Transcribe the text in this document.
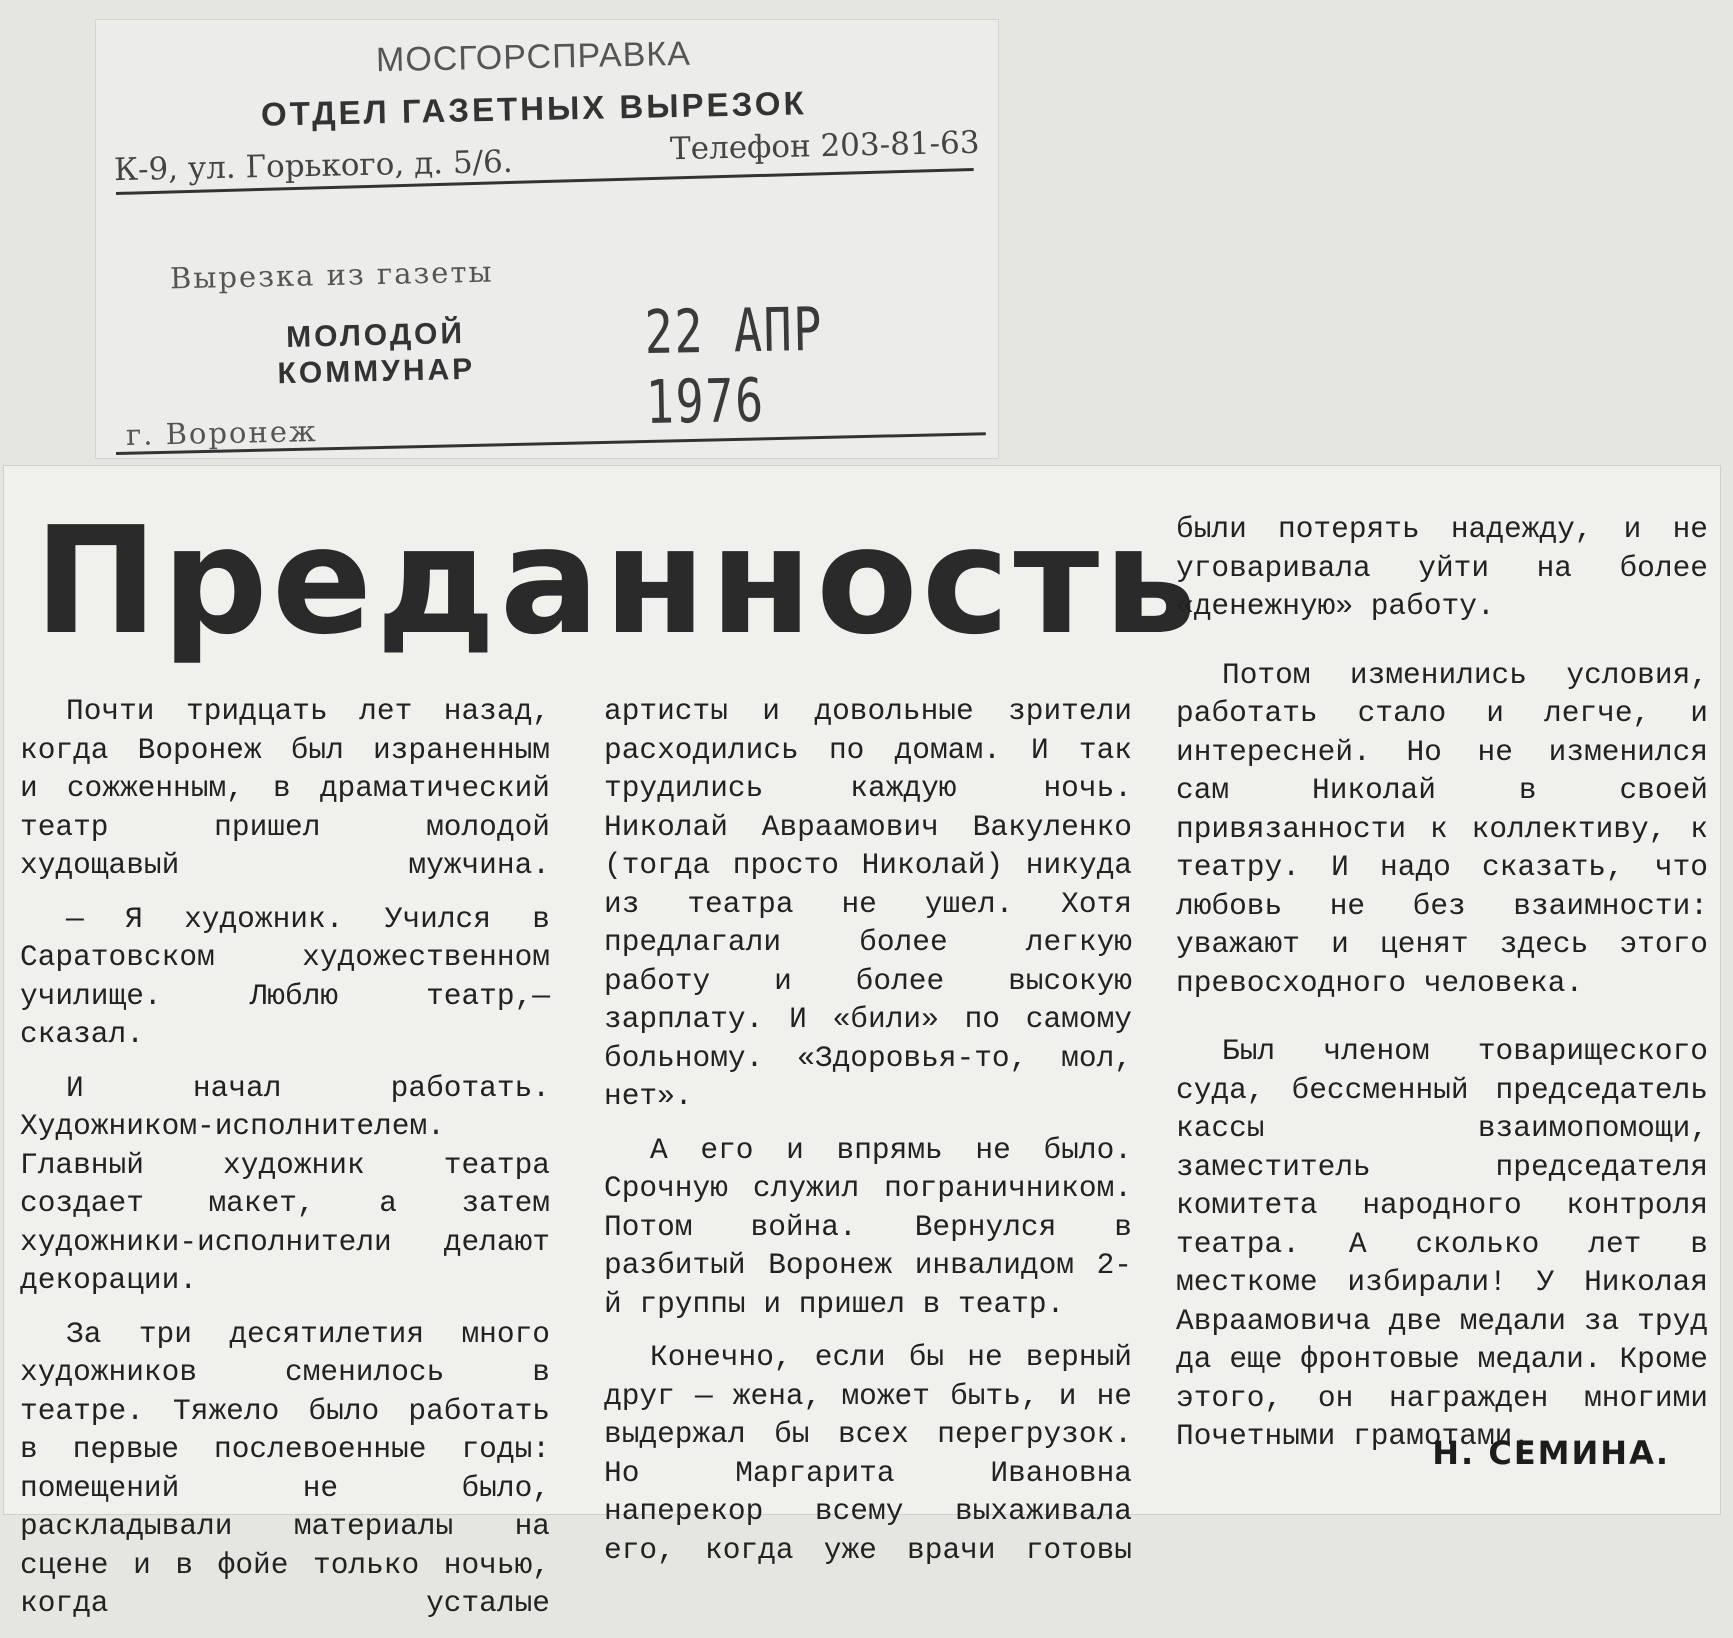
МОСГОРСПРАВКА
ОТДЕЛ ГАЗЕТНЫХ ВЫРЕЗОК
К-9, ул. Горького, д. 5/6.	Телефон 203-81-63
Вырезка из газеты
МОЛОДОЙ
КОММУНАР
22 АПР 1976
г. Воронеж
Преданность

Почти тридцать лет назад, когда Воронеж был израненным и сожженным, в драматический театр пришел молодой худощавый мужчина.

— Я художник. Учился в Саратовском художественном училище. Люблю театр,— сказал.

И начал работать. Художником-исполнителем. Главный художник театра создает макет, а затем художники-исполнители делают декорации.

За три десятилетия много художников сменилось в театре. Тяжело было работать в первые послевоенные годы: помещений не было, раскладывали материалы на сцене и в фойе только ночью, когда усталые

артисты и довольные зрители расходились по домам. И так трудились каждую ночь. Николай Авраамович Вакуленко (тогда просто Николай) никуда из театра не ушел. Хотя предлагали более легкую работу и более высокую зарплату. И «били» по самому больному. «Здоровья-то, мол, нет».

А его и впрямь не было. Срочную служил пограничником. Потом война. Вернулся в разбитый Воронеж инвалидом 2-й группы и пришел в театр.

Конечно, если бы не верный друг — жена, может быть, и не выдержал бы всех перегрузок. Но Маргарита Ивановна наперекор всему выхаживала его, когда уже врачи готовы

были потерять надежду, и не уговаривала уйти на более «денежную» работу.

Потом изменились условия, работать стало и легче, и интересней. Но не изменился сам Николай в своей привязанности к коллективу, к театру. И надо сказать, что любовь не без взаимности: уважают и ценят здесь этого превосходного человека.

Был членом товарищеского суда, бессменный председатель кассы взаимопомощи, заместитель председателя комитета народного контроля театра. А сколько лет в месткоме избирали! У Николая Авраамовича две медали за труд да еще фронтовые медали. Кроме этого, он награжден многими Почетными грамотами.

Н. СЕМИНА.
